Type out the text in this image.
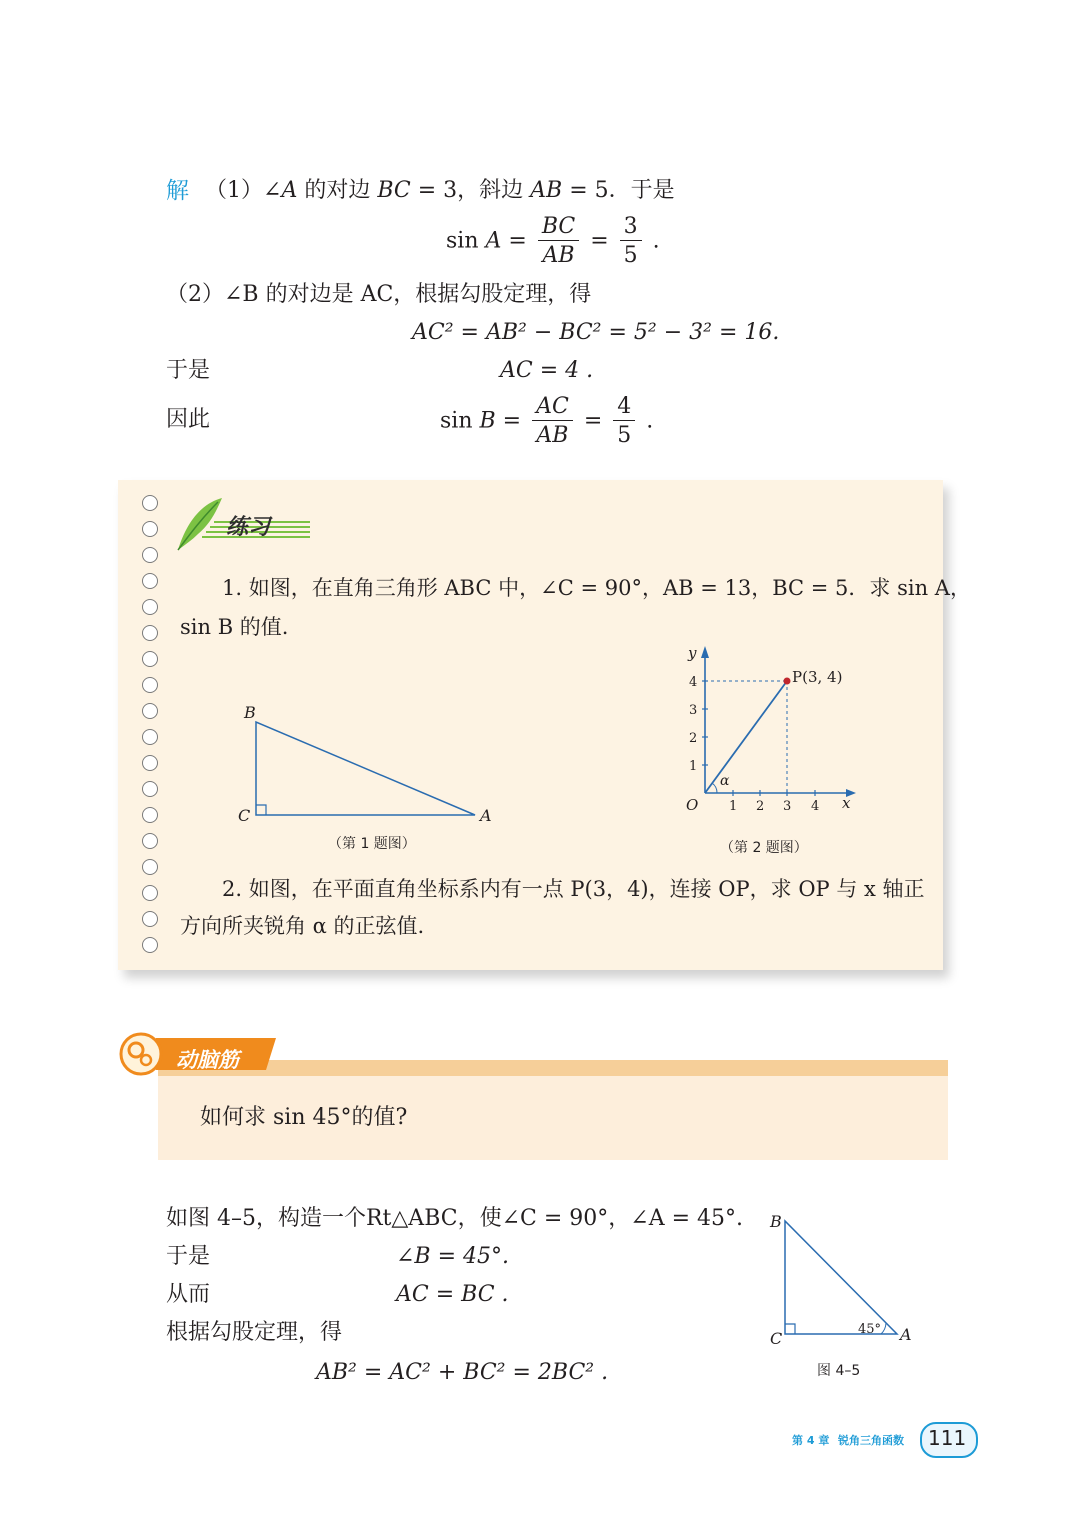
解 （1）∠A 的对边 BC = 3，斜边 AB = 5．于是
$\sin A = \frac{BC}{AB} = \frac{3}{5}$ .
（2）∠B 的对边是 AC，根据勾股定理，得
AC² = AB² − BC² = 5² − 3² = 16.
于是	AC = 4 .
因此	$\sin B = \frac{AC}{AB} = \frac{4}{5}$ .
练习
1. 如图，在直角三角形 ABC 中，∠C = 90°，AB = 13，BC = 5．求 sin A，
sin B 的值.
B
C	A
（第 1 题图）
y
x
O
P(3, 4)
α
1
2
3
4
1 2 3 4
（第 2 题图）
2. 如图，在平面直角坐标系内有一点 P(3，4)，连接 OP，求 OP 与 x 轴正
方向所夹锐角 α 的正弦值.
动脑筋
如何求 sin 45°的值?
如图 4–5，构造一个Rt△ABC，使∠C = 90°，∠A = 45°.
于是	∠B = 45°.
从而	AC = BC .
根据勾股定理，得
AB² = AC² + BC² = 2BC² .
B
C	A
45°
图 4–5
第 4 章 锐角三角函数 111
